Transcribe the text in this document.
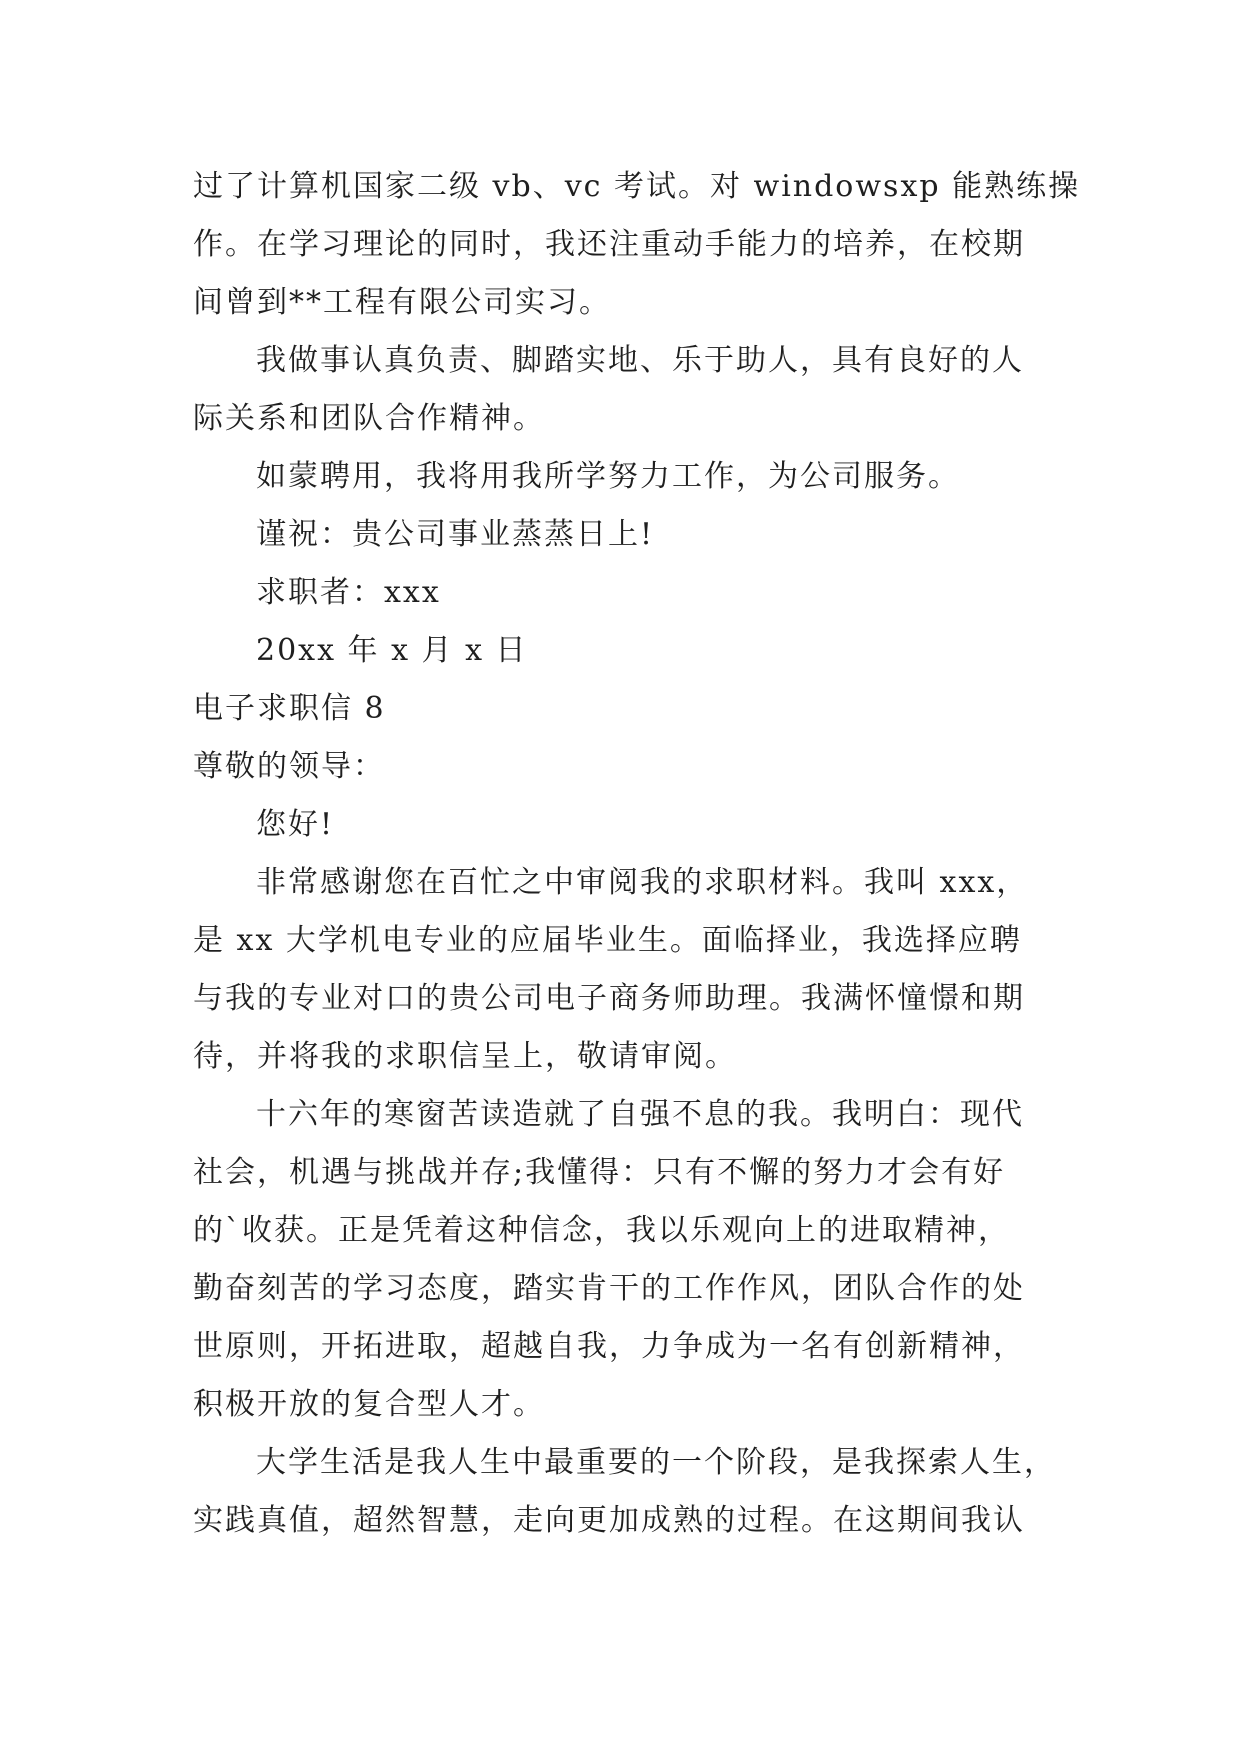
过了计算机国家二级 vb、vc 考试。对 windowsxp 能熟练操
作。在学习理论的同时，我还注重动手能力的培养，在校期
间曾到**工程有限公司实习。
我做事认真负责、脚踏实地、乐于助人，具有良好的人
际关系和团队合作精神。
如蒙聘用，我将用我所学努力工作，为公司服务。
谨祝：贵公司事业蒸蒸日上!
求职者：xxx
20xx 年 x 月 x 日
电子求职信 8
尊敬的领导：
您好!
非常感谢您在百忙之中审阅我的求职材料。我叫 xxx，
是 xx 大学机电专业的应届毕业生。面临择业，我选择应聘
与我的专业对口的贵公司电子商务师助理。我满怀憧憬和期
待，并将我的求职信呈上，敬请审阅。
十六年的寒窗苦读造就了自强不息的我。我明白：现代
社会，机遇与挑战并存;我懂得：只有不懈的努力才会有好
的`收获。正是凭着这种信念，我以乐观向上的进取精神，
勤奋刻苦的学习态度，踏实肯干的工作作风，团队合作的处
世原则，开拓进取，超越自我，力争成为一名有创新精神，
积极开放的复合型人才。
大学生活是我人生中最重要的一个阶段，是我探索人生，
实践真值，超然智慧，走向更加成熟的过程。在这期间我认
